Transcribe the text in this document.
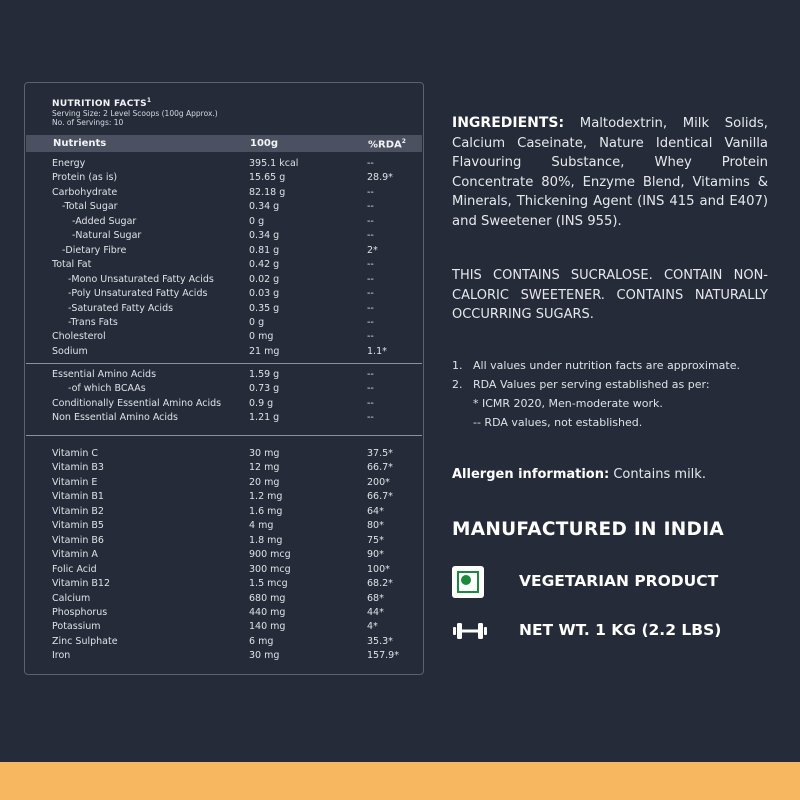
NUTRITION FACTS$^1$
Serving Size: 2 Level Scoops (100g Approx.)
No. of Servings: 10
Nutrients	100g	%RDA$^2$
Energy	395.1 kcal	--
Protein (as is)	15.65 g	28.9*
Carbohydrate	82.18 g	--
-Total Sugar	0.34 g	--
-Added Sugar	0 g	--
-Natural Sugar	0.34 g	--
-Dietary Fibre	0.81 g	2*
Total Fat	0.42 g	--
-Mono Unsaturated Fatty Acids	0.02 g	--
-Poly Unsaturated Fatty Acids	0.03 g	--
-Saturated Fatty Acids	0.35 g	--
-Trans Fats	0 g	--
Cholesterol	0 mg	--
Sodium	21 mg	1.1*
Essential Amino Acids	1.59 g	--
-of which BCAAs	0.73 g	--
Conditionally Essential Amino Acids	0.9 g	--
Non Essential Amino Acids	1.21 g	--
Vitamin C	30 mg	37.5*
Vitamin B3	12 mg	66.7*
Vitamin E	20 mg	200*
Vitamin B1	1.2 mg	66.7*
Vitamin B2	1.6 mg	64*
Vitamin B5	4 mg	80*
Vitamin B6	1.8 mg	75*
Vitamin A	900 mcg	90*
Folic Acid	300 mcg	100*
Vitamin B12	1.5 mcg	68.2*
Calcium	680 mg	68*
Phosphorus	440 mg	44*
Potassium	140 mg	4*
Zinc Sulphate	6 mg	35.3*
Iron	30 mg	157.9*
INGREDIENTS: Maltodextrin, Milk Solids, Calcium Caseinate, Nature Identical Vanilla Flavouring Substance, Whey Protein Concentrate 80%, Enzyme Blend, Vitamins & Minerals, Thickening Agent (INS 415 and E407) and Sweetener (INS 955).
THIS CONTAINS SUCRALOSE. CONTAIN NON-CALORIC SWEETENER. CONTAINS NATURALLY OCCURRING SUGARS.
1. All values under nutrition facts are approximate.
2. RDA Values per serving established as per:
* ICMR 2020, Men-moderate work.
-- RDA values, not established.
Allergen information: Contains milk.
MANUFACTURED IN INDIA
VEGETARIAN PRODUCT
NET WT. 1 KG (2.2 LBS)
